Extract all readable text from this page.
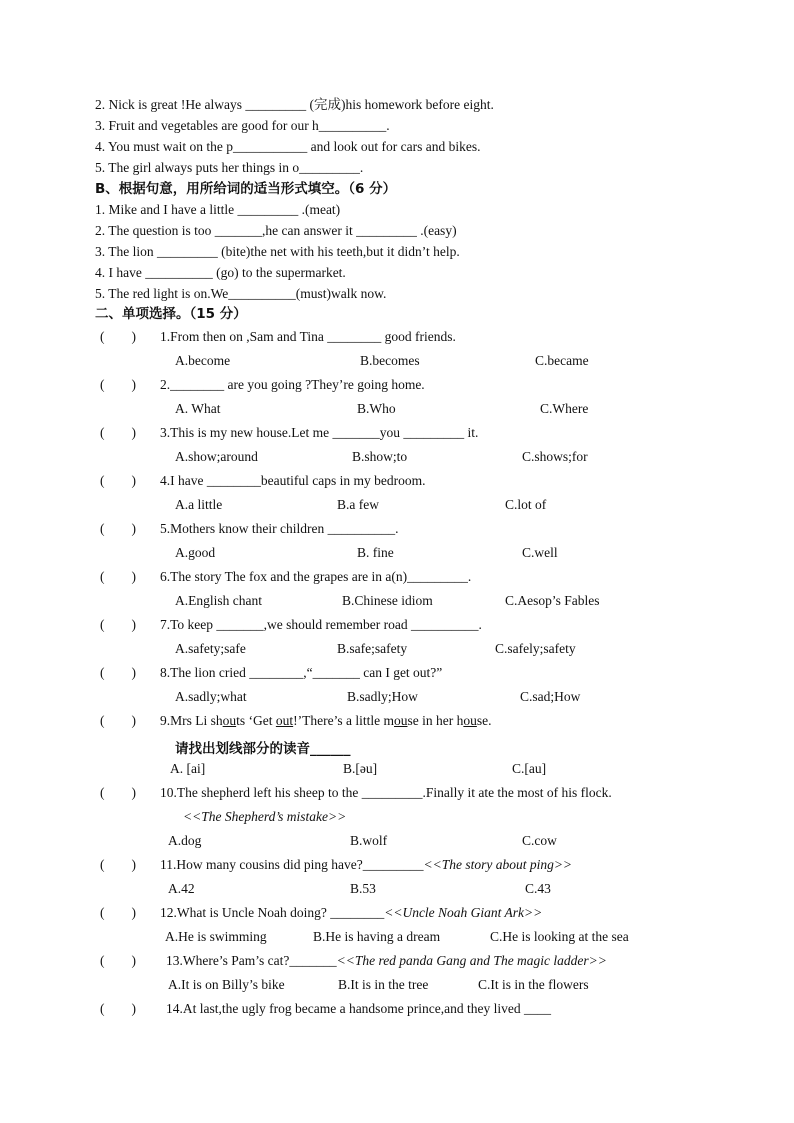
2. Nick is great !He always _________ (完成)his homework before eight.
3. Fruit and vegetables are good for our h__________.
4. You must wait on the p___________ and look out for cars and bikes.
5. The girl always puts her things in o_________.
B、根据句意，用所给词的适当形式填空。（6 分）
1. Mike and I have a little _________ .(meat)
2. The question is too _______,he can answer it _________ .(easy)
3. The lion _________ (bite)the net with his teeth,but it didn’t help.
4. I have __________ (go) to the supermarket.
5. The red light is on.We__________(must)walk now.
二、单项选择。（15 分）
(        ) 1.From then on ,Sam and Tina ________ good friends.
A.become	B.becomes	C.became
(        ) 2.________ are you going ?They’re going home.
A. What	B.Who	C.Where
(        ) 3.This is my new house.Let me _______you _________ it.
A.show;around	B.show;to	C.shows;for
(        ) 4.I have ________beautiful caps in my bedroom.
A.a little	B.a few	C.lot of
(        ) 5.Mothers know their children __________.
A.good	B. fine	C.well
(        ) 6.The story The fox and the grapes are in a(n)_________.
A.English chant	B.Chinese idiom	C.Aesop’s Fables
(        ) 7.To keep _______,we should remember road __________.
A.safety;safe	B.safe;safety	C.safely;safety
(        ) 8.The lion cried ________,“_______ can I get out?”
A.sadly;what	B.sadly;How	C.sad;How
(        ) 9.Mrs Li shouts ‘Get out!’There’s a little mouse in her house.
请找出划线部分的读音______
A. [ai]	B.[əu]	C.[au]
(        ) 10.The shepherd left his sheep to the _________.Finally it ate the most of his flock.
<<The Shepherd’s mistake>>
A.dog	B.wolf	C.cow
(        ) 11.How many cousins did ping have?_________<<The story about ping>>
A.42	B.53	C.43
(        ) 12.What is Uncle Noah doing? ________<<Uncle Noah Giant Ark>>
A.He is swimming	B.He is having a dream	C.He is looking at the sea
(        ) 13.Where’s Pam’s cat?_______<<The red panda Gang and The magic ladder>>
A.It is on Billy’s bike	B.It is in the tree	C.It is in the flowers
(        ) 14.At last,the ugly frog became a handsome prince,and they lived ____
